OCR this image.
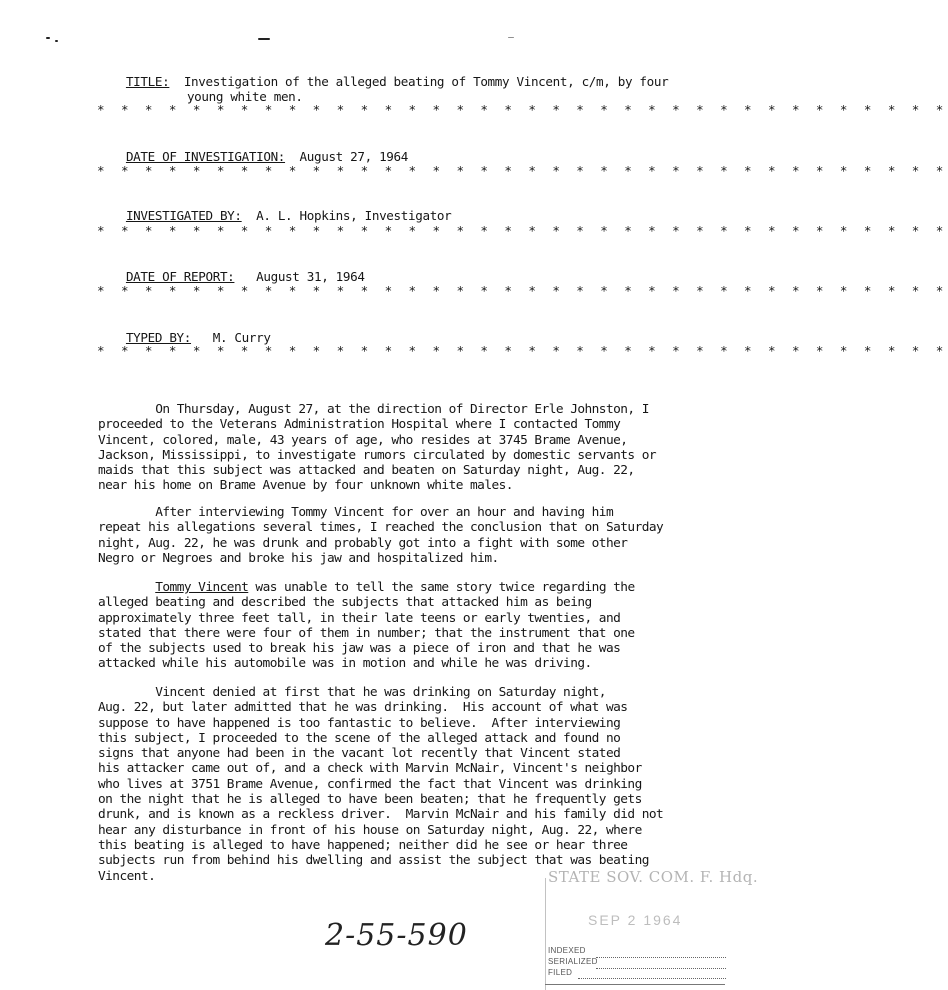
TITLE: Investigation of the alleged beating of Tommy Vincent, c/m, by four

young white men.

* * * * * * * * * * * * * * * * * * * * * * * * * * * * * * * * * * * *

DATE OF INVESTIGATION: August 27, 1964

* * * * * * * * * * * * * * * * * * * * * * * * * * * * * * * * * * * *

INVESTIGATED BY: A. L. Hopkins, Investigator

* * * * * * * * * * * * * * * * * * * * * * * * * * * * * * * * * * * *

DATE OF REPORT: August 31, 1964

* * * * * * * * * * * * * * * * * * * * * * * * * * * * * * * * * * * *

TYPED BY: M. Curry

* * * * * * * * * * * * * * * * * * * * * * * * * * * * * * * * * * * *

On Thursday, August 27, at the direction of Director Erle Johnston, I

proceeded to the Veterans Administration Hospital where I contacted Tommy

Vincent, colored, male, 43 years of age, who resides at 3745 Brame Avenue,

Jackson, Mississippi, to investigate rumors circulated by domestic servants or

maids that this subject was attacked and beaten on Saturday night, Aug. 22,

near his home on Brame Avenue by four unknown white males.

After interviewing Tommy Vincent for over an hour and having him

repeat his allegations several times, I reached the conclusion that on Saturday

night, Aug. 22, he was drunk and probably got into a fight with some other

Negro or Negroes and broke his jaw and hospitalized him.

Tommy Vincent was unable to tell the same story twice regarding the

alleged beating and described the subjects that attacked him as being

approximately three feet tall, in their late teens or early twenties, and

stated that there were four of them in number; that the instrument that one

of the subjects used to break his jaw was a piece of iron and that he was

attacked while his automobile was in motion and while he was driving.

Vincent denied at first that he was drinking on Saturday night,

Aug. 22, but later admitted that he was drinking.  His account of what was

suppose to have happened is too fantastic to believe.  After interviewing

this subject, I proceeded to the scene of the alleged attack and found no

signs that anyone had been in the vacant lot recently that Vincent stated

his attacker came out of, and a check with Marvin McNair, Vincent's neighbor

who lives at 3751 Brame Avenue, confirmed the fact that Vincent was drinking

on the night that he is alleged to have been beaten; that he frequently gets

drunk, and is known as a reckless driver.  Marvin McNair and his family did not

hear any disturbance in front of his house on Saturday night, Aug. 22, where

this beating is alleged to have happened; neither did he see or hear three

subjects run from behind his dwelling and assist the subject that was beating

Vincent.

2-55-590
STATE SOV. COM. F. Hdq.
SEP 2 1964
INDEXED
SERIALIZED
FILED
